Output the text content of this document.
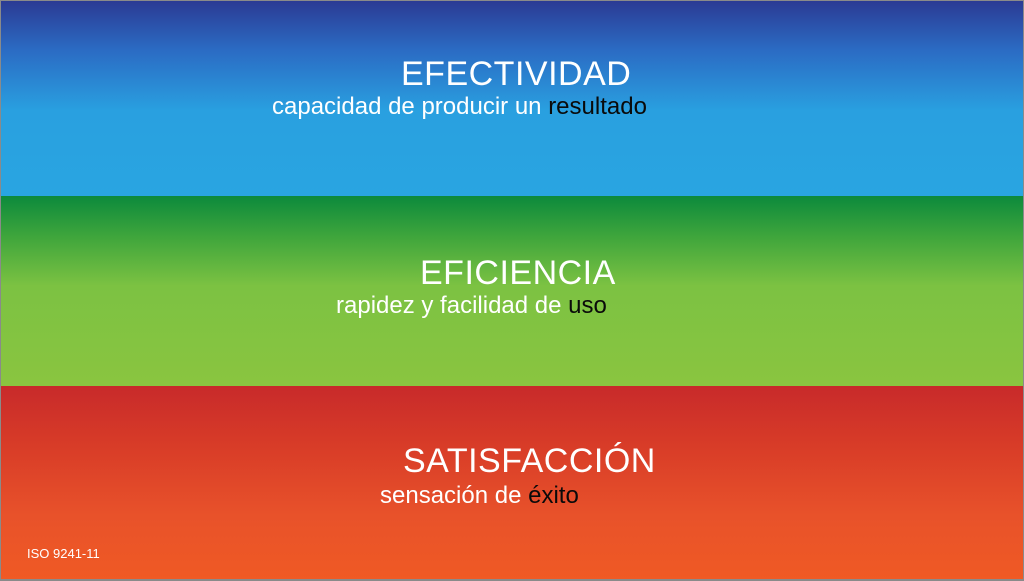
EFECTIVIDAD
capacidad de producir un resultado
EFICIENCIA
rapidez y facilidad de uso
SATISFACCIÓN
sensación de éxito
ISO 9241-11
